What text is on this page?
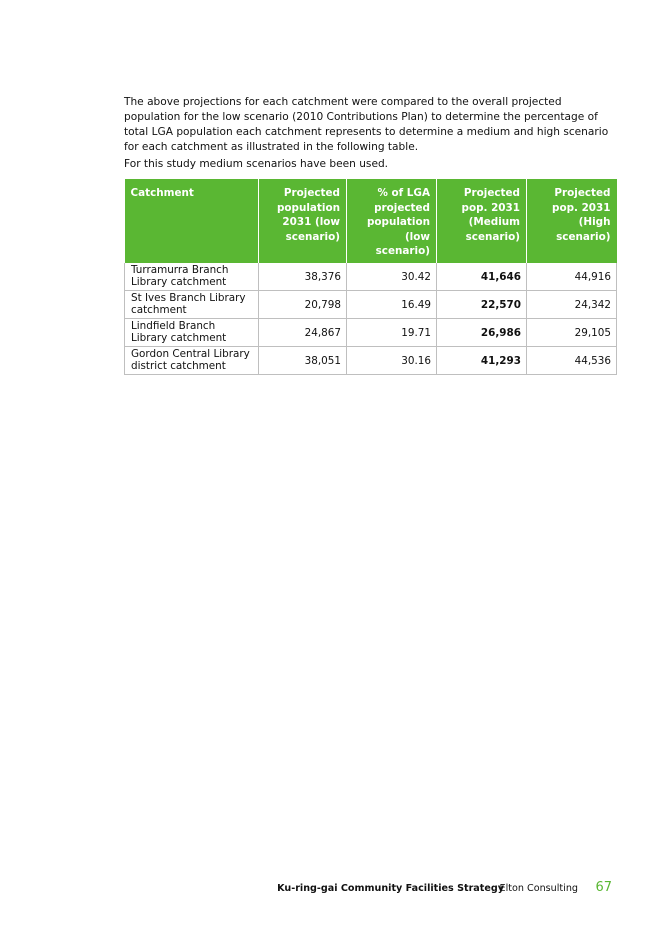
The above projections for each catchment were compared to the overall projected population for the low scenario (2010 Contributions Plan) to determine the percentage of total LGA population each catchment represents to determine a medium and high scenario for each catchment as illustrated in the following table.

For this study medium scenarios have been used.

Catchment	Projected population 2031 (low scenario)	% of LGA projected population (low scenario)	Projected pop. 2031 (Medium scenario)	Projected pop. 2031 (High scenario)
Turramurra Branch Library catchment	38,376	30.42	41,646	44,916
St Ives Branch Library catchment	20,798	16.49	22,570	24,342
Lindfield Branch Library catchment	24,867	19.71	26,986	29,105
Gordon Central Library district catchment	38,051	30.16	41,293	44,536
Ku-ring-gai Community Facilities Strategy
Elton Consulting 67
